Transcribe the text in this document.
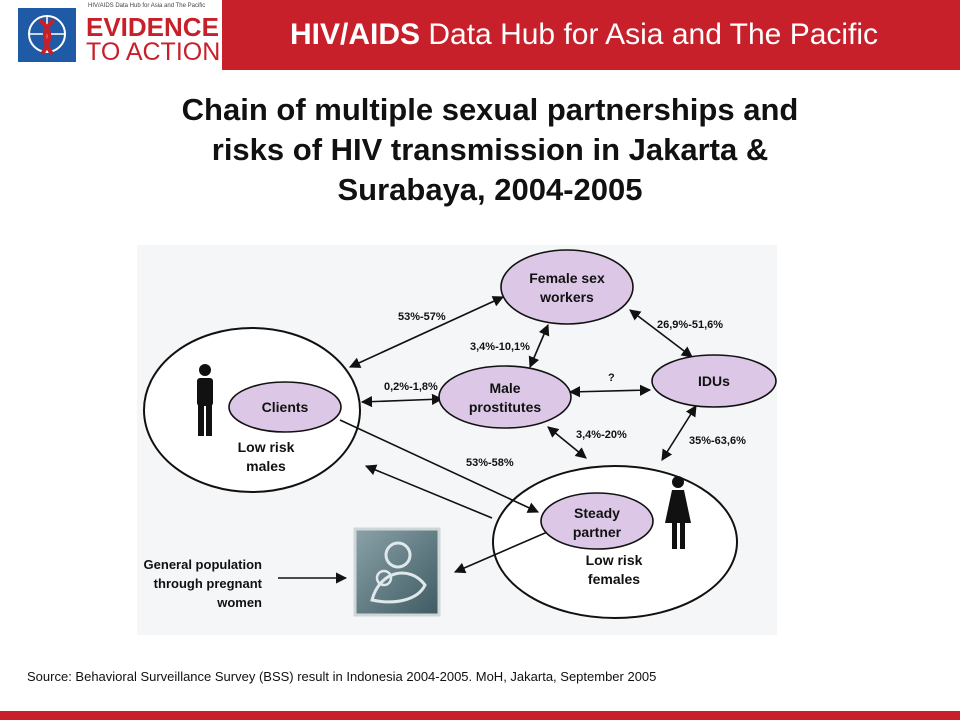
HIV/AIDS Data Hub for Asia and The Pacific
EVIDENCE
TO ACTION
HIV/AIDS Data Hub for Asia and The Pacific
Chain of multiple sexual partnerships and
risks of HIV transmission in Jakarta &
Surabaya, 2004-2005
Female sex
workers
Clients
Male
prostitutes
IDUs
Steady
partner
Low risk
males
Low risk
females
53%-57%
3,4%-10,1%
26,9%-51,6%
0,2%-1,8%
?
3,4%-20%	35%-63,6%
53%-58%
General population
through pregnant
women
Source: Behavioral Surveillance Survey (BSS) result in Indonesia 2004-2005. MoH, Jakarta, September 2005
